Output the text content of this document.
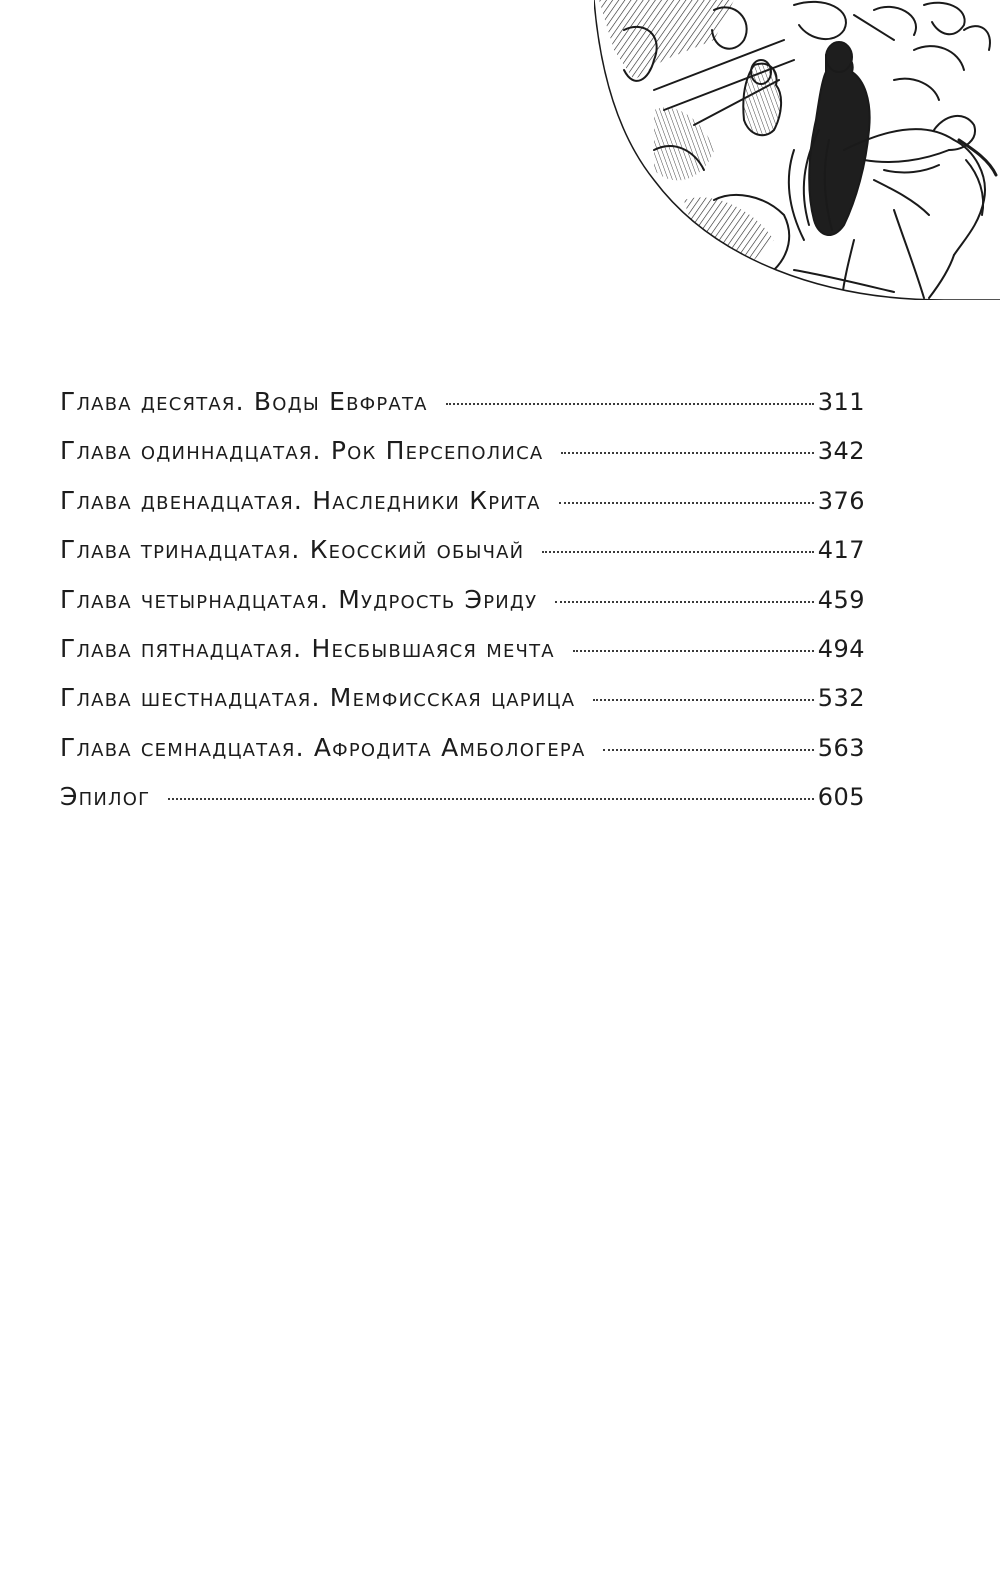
Глава десятая. Воды Евфрата	311
Глава одиннадцатая. Рок Персеполиса	342
Глава двенадцатая. Наследники Крита	376
Глава тринадцатая. Кеосский обычай	417
Глава четырнадцатая. Мудрость Эриду	459
Глава пятнадцатая. Несбывшаяся мечта	494
Глава шестнадцатая. Мемфисская царица	532
Глава семнадцатая. Афродита Амбологера	563
Эпилог	605
